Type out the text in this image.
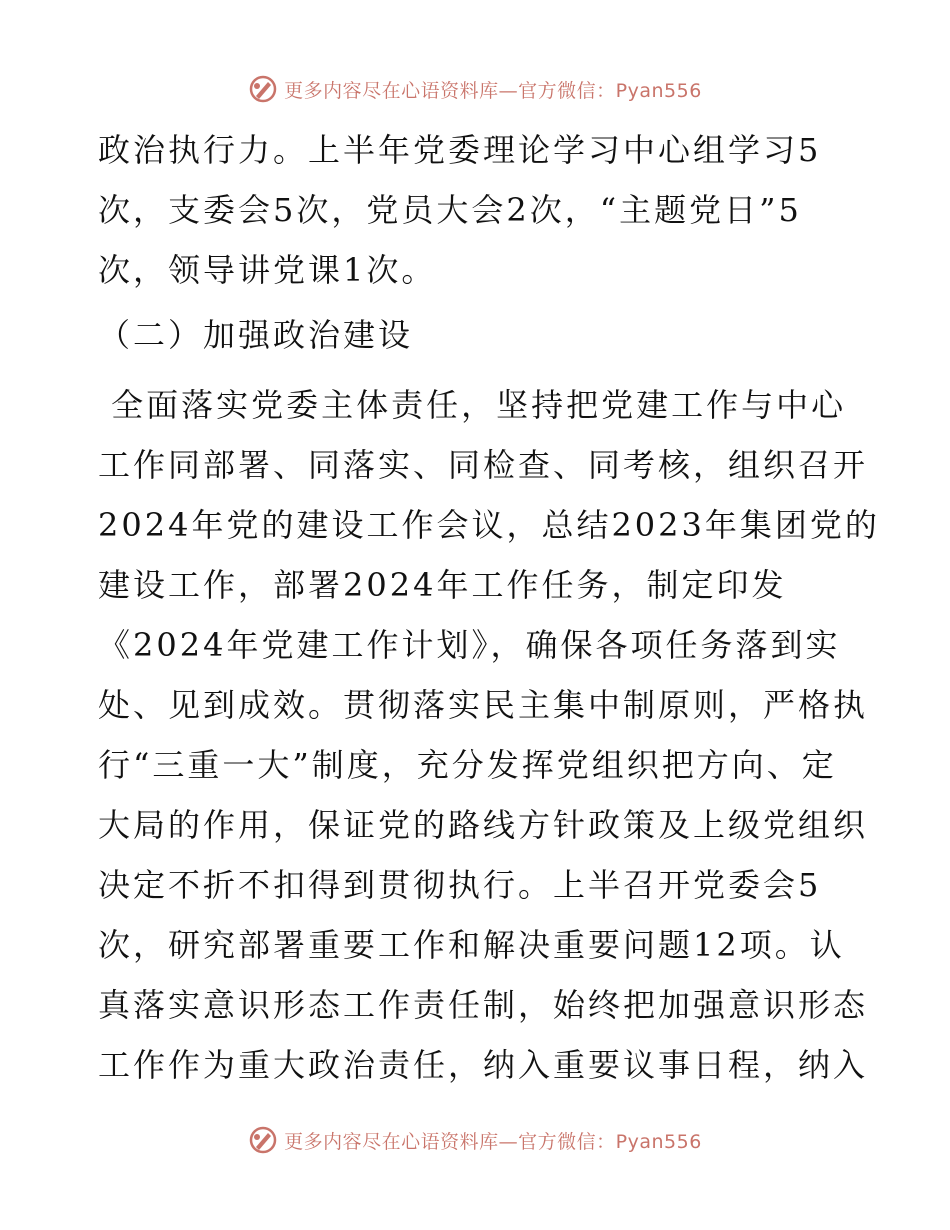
更多内容尽在心语资料库—官方微信：Pyan556
政治执行力。上半年党委理论学习中心组学习5
次，支委会5次，党员大会2次，“主题党日”5
次，领导讲党课1次。
（二）加强政治建设
全面落实党委主体责任，坚持把党建工作与中心
工作同部署、同落实、同检查、同考核，组织召开
2024年党的建设工作会议，总结2023年集团党的
建设工作，部署2024年工作任务，制定印发
《2024年党建工作计划》，确保各项任务落到实
处、见到成效。贯彻落实民主集中制原则，严格执
行“三重一大”制度，充分发挥党组织把方向、定
大局的作用，保证党的路线方针政策及上级党组织
决定不折不扣得到贯彻执行。上半召开党委会5
次，研究部署重要工作和解决重要问题12项。认
真落实意识形态工作责任制，始终把加强意识形态
工作作为重大政治责任，纳入重要议事日程，纳入
更多内容尽在心语资料库—官方微信：Pyan556
